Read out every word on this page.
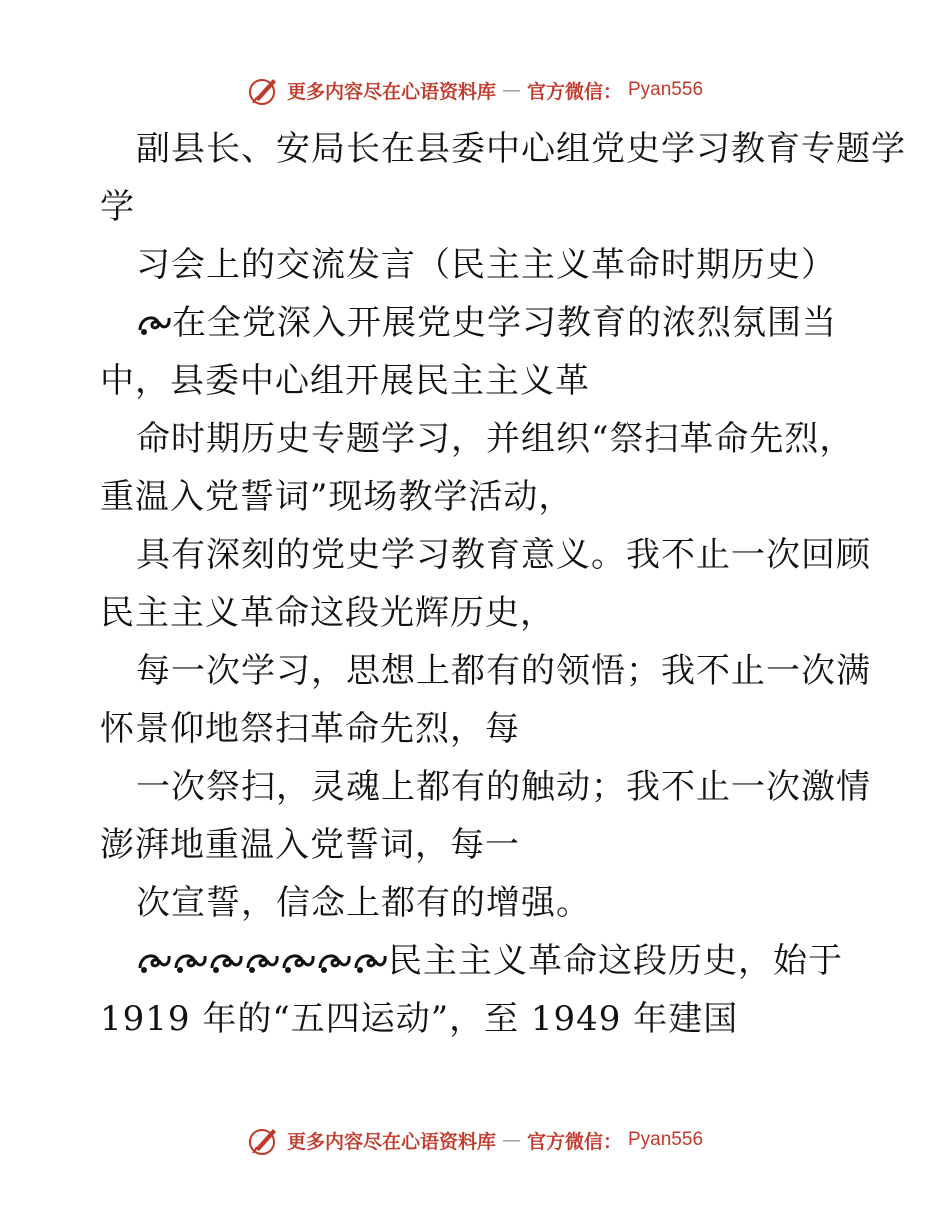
更多内容尽在心语资料库 — 官方微信： Pyan556
副县长、安局长在县委中心组党史学习教育专题学
学
习会上的交流发言（民主主义革命时期历史）
在全党深入开展党史学习教育的浓烈氛围当
中，县委中心组开展民主主义革
命时期历史专题学习，并组织“祭扫革命先烈，
重温入党誓词”现场教学活动，
具有深刻的党史学习教育意义。我不止一次回顾
民主主义革命这段光辉历史，
每一次学习，思想上都有的领悟；我不止一次满
怀景仰地祭扫革命先烈，每
一次祭扫，灵魂上都有的触动；我不止一次激情
澎湃地重温入党誓词，每一
次宣誓，信念上都有的增强。
民主主义革命这段历史，始于
1919 年的“五四运动”，至 1949 年建国
更多内容尽在心语资料库 — 官方微信： Pyan556
